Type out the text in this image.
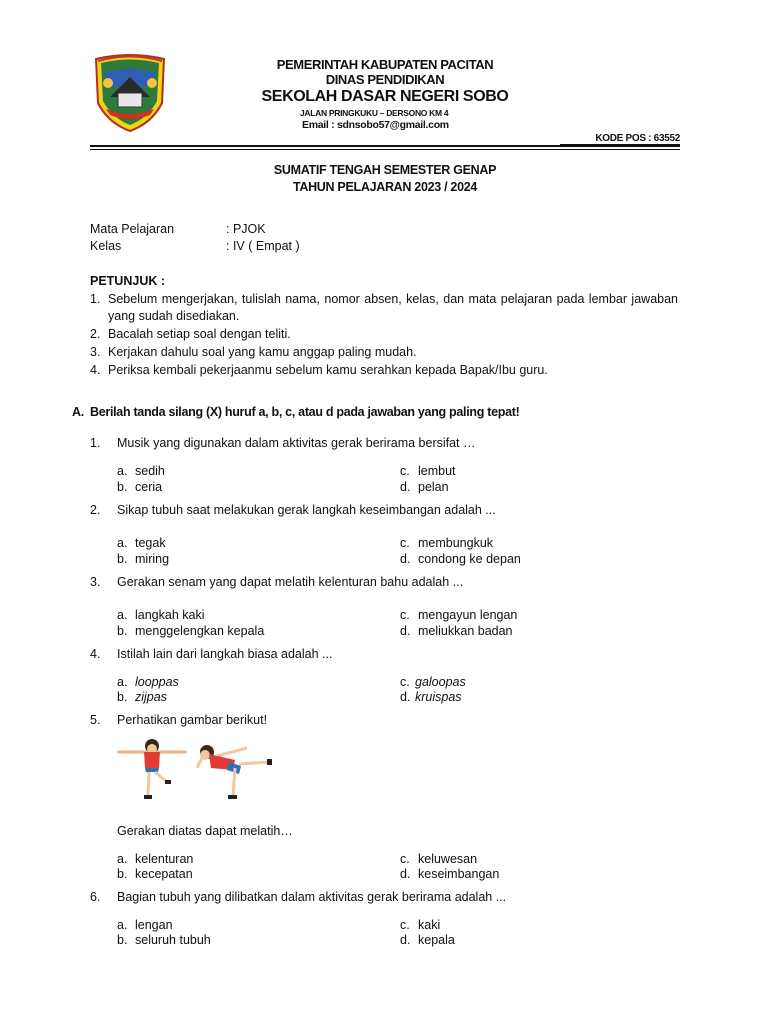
PEMERINTAH KABUPATEN PACITAN
DINAS PENDIDIKAN
SEKOLAH DASAR NEGERI SOBO
JALAN PRINGKUKU – DERSONO KM 4
Email : sdnsobo57@gmail.com
KODE POS : 63552
SUMATIF TENGAH SEMESTER GENAP
TAHUN PELAJARAN 2023 / 2024
Mata Pelajaran	: PJOK
Kelas	: IV ( Empat )
PETUNJUK :
1. Sebelum mengerjakan, tulislah nama, nomor absen, kelas, dan mata pelajaran pada lembar jawaban yang sudah disediakan.
2. Bacalah setiap soal dengan teliti.
3. Kerjakan dahulu soal yang kamu anggap paling mudah.
4. Periksa kembali pekerjaanmu sebelum kamu serahkan kepada Bapak/Ibu guru.
A. Berilah tanda silang (X) huruf a, b, c, atau d pada jawaban yang paling tepat!
1. Musik yang digunakan dalam aktivitas gerak berirama bersifat …
a. sedih
b. ceria
c. lembut
d. pelan
2. Sikap tubuh saat melakukan gerak langkah keseimbangan adalah ...
a. tegak
b. miring
c. membungkuk
d. condong ke depan
3. Gerakan senam yang dapat melatih kelenturan bahu adalah ...
a. langkah kaki
b. menggelengkan kepala
c. mengayun lengan
d. meliukkan badan
4. Istilah lain dari langkah biasa adalah ...
a. looppas
b. zijpas
c. galoopas
d. kruispas
5. Perhatikan gambar berikut!
Gerakan diatas dapat melatih…
a. kelenturan
b. kecepatan
c. keluwesan
d. keseimbangan
6. Bagian tubuh yang dilibatkan dalam aktivitas gerak berirama adalah ...
a. lengan
b. seluruh tubuh
c. kaki
d. kepala
